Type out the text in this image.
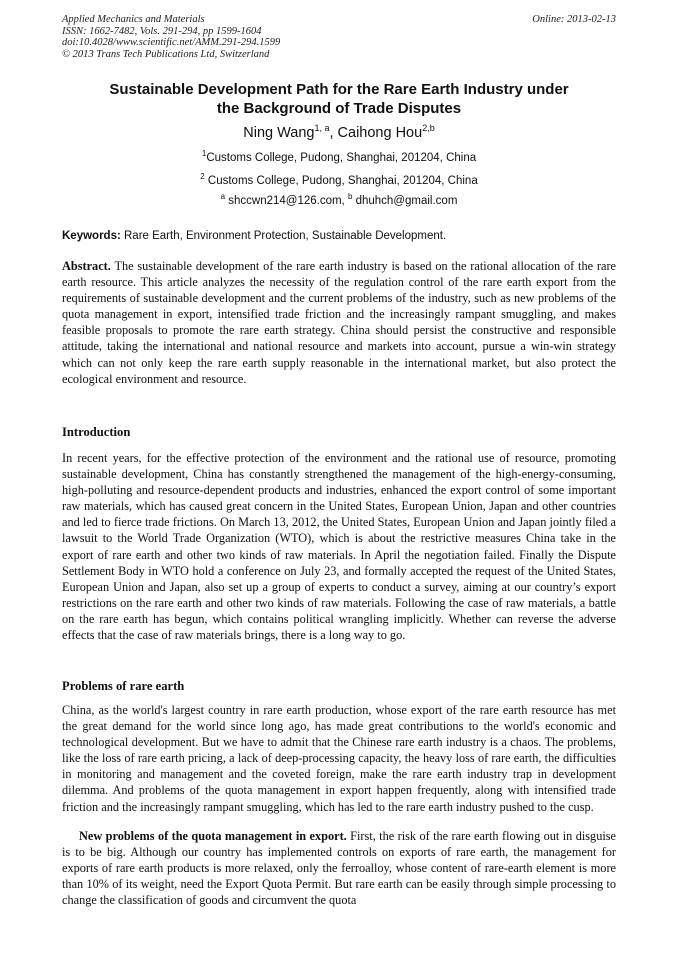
Applied Mechanics and Materials
ISSN: 1662-7482, Vols. 291-294, pp 1599-1604
doi:10.4028/www.scientific.net/AMM.291-294.1599
© 2013 Trans Tech Publications Ltd, Switzerland
Online: 2013-02-13
Sustainable Development Path for the Rare Earth Industry under
the Background of Trade Disputes
Ning Wang$^{1, a}$, Caihong Hou$^{2,b}$
$^1$Customs College, Pudong, Shanghai, 201204, China
$^2$ Customs College, Pudong, Shanghai, 201204, China
$^a$ shccwn214@126.com, $^b$ dhuhch@gmail.com
Keywords: Rare Earth, Environment Protection, Sustainable Development.
Abstract. The sustainable development of the rare earth industry is based on the rational allocation of the rare earth resource. This article analyzes the necessity of the regulation control of the rare earth export from the requirements of sustainable development and the current problems of the industry, such as new problems of the quota management in export, intensified trade friction and the increasingly rampant smuggling, and makes feasible proposals to promote the rare earth strategy. China should persist the constructive and responsible attitude, taking the international and national resource and markets into account, pursue a win-win strategy which can not only keep the rare earth supply reasonable in the international market, but also protect the ecological environment and resource.
Introduction
In recent years, for the effective protection of the environment and the rational use of resource, promoting sustainable development, China has constantly strengthened the management of the high-energy-consuming, high-polluting and resource-dependent products and industries, enhanced the export control of some important raw materials, which has caused great concern in the United States, European Union, Japan and other countries and led to fierce trade frictions. On March 13, 2012, the United States, European Union and Japan jointly filed a lawsuit to the World Trade Organization (WTO), which is about the restrictive measures China take in the export of rare earth and other two kinds of raw materials. In April the negotiation failed. Finally the Dispute Settlement Body in WTO hold a conference on July 23, and formally accepted the request of the United States, European Union and Japan, also set up a group of experts to conduct a survey, aiming at our country’s export restrictions on the rare earth and other two kinds of raw materials. Following the case of raw materials, a battle on the rare earth has begun, which contains political wrangling implicitly. Whether can reverse the adverse effects that the case of raw materials brings, there is a long way to go.
Problems of rare earth
China, as the world's largest country in rare earth production, whose export of the rare earth resource has met the great demand for the world since long ago, has made great contributions to the world's economic and technological development. But we have to admit that the Chinese rare earth industry is a chaos. The problems, like the loss of rare earth pricing, a lack of deep-processing capacity, the heavy loss of rare earth, the difficulties in monitoring and management and the coveted foreign, make the rare earth industry trap in development dilemma. And problems of the quota management in export happen frequently, along with intensified trade friction and the increasingly rampant smuggling, which has led to the rare earth industry pushed to the cusp.
New problems of the quota management in export. First, the risk of the rare earth flowing out in disguise is to be big. Although our country has implemented controls on exports of rare earth, the management for exports of rare earth products is more relaxed, only the ferroalloy, whose content of rare-earth element is more than 10% of its weight, need the Export Quota Permit. But rare earth can be easily through simple processing to change the classification of goods and circumvent the quota
